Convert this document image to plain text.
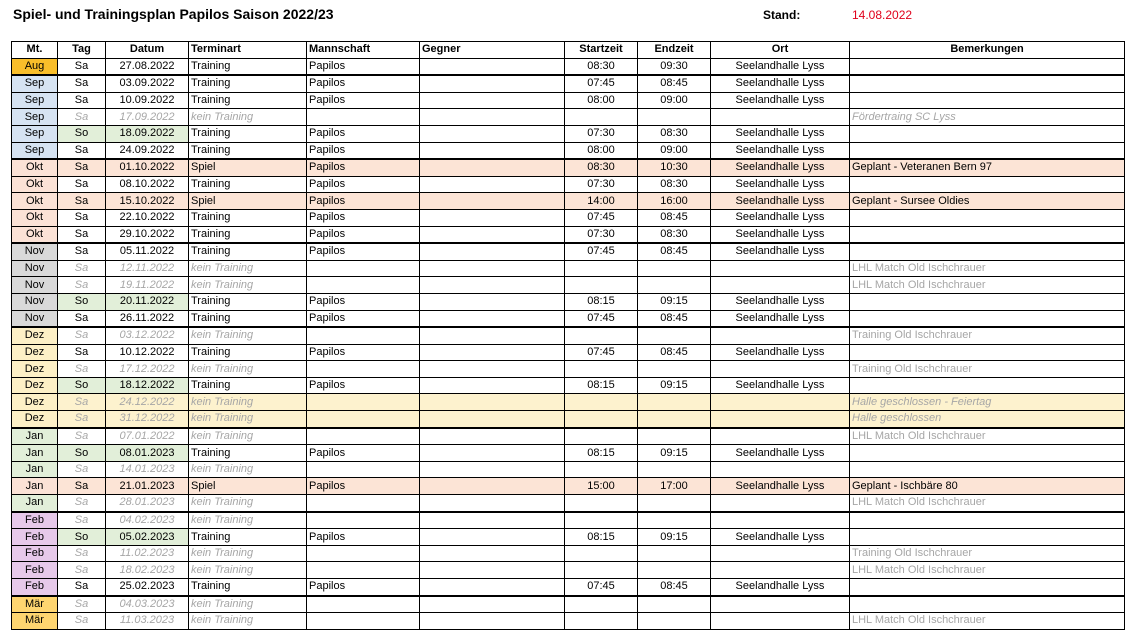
Spiel- und Trainingsplan Papilos Saison 2022/23	Stand:	14.08.2022
Mt.	Tag	Datum	Terminart	Mannschaft	Gegner	Startzeit	Endzeit	Ort	Bemerkungen
Aug	Sa	27.08.2022	Training	Papilos		08:30	09:30	Seelandhalle Lyss	
Sep	Sa	03.09.2022	Training	Papilos		07:45	08:45	Seelandhalle Lyss	
Sep	Sa	10.09.2022	Training	Papilos		08:00	09:00	Seelandhalle Lyss	
Sep	Sa	17.09.2022	kein Training						Fördertraing SC Lyss
Sep	So	18.09.2022	Training	Papilos		07:30	08:30	Seelandhalle Lyss	
Sep	Sa	24.09.2022	Training	Papilos		08:00	09:00	Seelandhalle Lyss	
Okt	Sa	01.10.2022	Spiel	Papilos		08:30	10:30	Seelandhalle Lyss	Geplant - Veteranen Bern 97
Okt	Sa	08.10.2022	Training	Papilos		07:30	08:30	Seelandhalle Lyss	
Okt	Sa	15.10.2022	Spiel	Papilos		14:00	16:00	Seelandhalle Lyss	Geplant - Sursee Oldies
Okt	Sa	22.10.2022	Training	Papilos		07:45	08:45	Seelandhalle Lyss	
Okt	Sa	29.10.2022	Training	Papilos		07:30	08:30	Seelandhalle Lyss	
Nov	Sa	05.11.2022	Training	Papilos		07:45	08:45	Seelandhalle Lyss	
Nov	Sa	12.11.2022	kein Training						LHL Match Old Ischchrauer
Nov	Sa	19.11.2022	kein Training						LHL Match Old Ischchrauer
Nov	So	20.11.2022	Training	Papilos		08:15	09:15	Seelandhalle Lyss	
Nov	Sa	26.11.2022	Training	Papilos		07:45	08:45	Seelandhalle Lyss	
Dez	Sa	03.12.2022	kein Training						Training Old Ischchrauer
Dez	Sa	10.12.2022	Training	Papilos		07:45	08:45	Seelandhalle Lyss	
Dez	Sa	17.12.2022	kein Training						Training Old Ischchrauer
Dez	So	18.12.2022	Training	Papilos		08:15	09:15	Seelandhalle Lyss	
Dez	Sa	24.12.2022	kein Training						Halle geschlossen - Feiertag
Dez	Sa	31.12.2022	kein Training						Halle geschlossen
Jan	Sa	07.01.2022	kein Training						LHL Match Old Ischchrauer
Jan	So	08.01.2023	Training	Papilos		08:15	09:15	Seelandhalle Lyss	
Jan	Sa	14.01.2023	kein Training						
Jan	Sa	21.01.2023	Spiel	Papilos		15:00	17:00	Seelandhalle Lyss	Geplant - Ischbäre 80
Jan	Sa	28.01.2023	kein Training						LHL Match Old Ischchrauer
Feb	Sa	04.02.2023	kein Training						
Feb	So	05.02.2023	Training	Papilos		08:15	09:15	Seelandhalle Lyss	
Feb	Sa	11.02.2023	kein Training						Training Old Ischchrauer
Feb	Sa	18.02.2023	kein Training						LHL Match Old Ischchrauer
Feb	Sa	25.02.2023	Training	Papilos		07:45	08:45	Seelandhalle Lyss	
Mär	Sa	04.03.2023	kein Training						
Mär	Sa	11.03.2023	kein Training						LHL Match Old Ischchrauer
